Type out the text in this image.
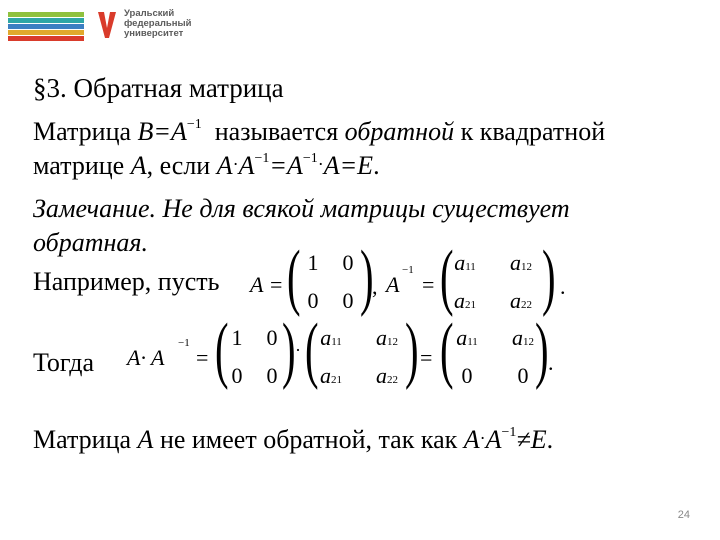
Уральский
федеральный
университет
§3. Обратная матрица
Матрица $B=A^{-1}$ называется обратной к квадратной
матрице A, если $A\cdot A^{-1}=A^{-1}\cdot A=E$.
Замечание. Не для всякой матрицы существует
обратная.
Например, пусть A = ( 1	0
0	0 )
, A
−1
= ( a11 a12
a21 a22 ) .
Тогда A· A
−1
= ( 1	0
0	0 ) · ( a11 a12
a21 a22 ) = ( a11 a12
0	0 ) .
Матрица A не имеет обратной, так как $A\cdot A^{-1}\ne E$.
24
